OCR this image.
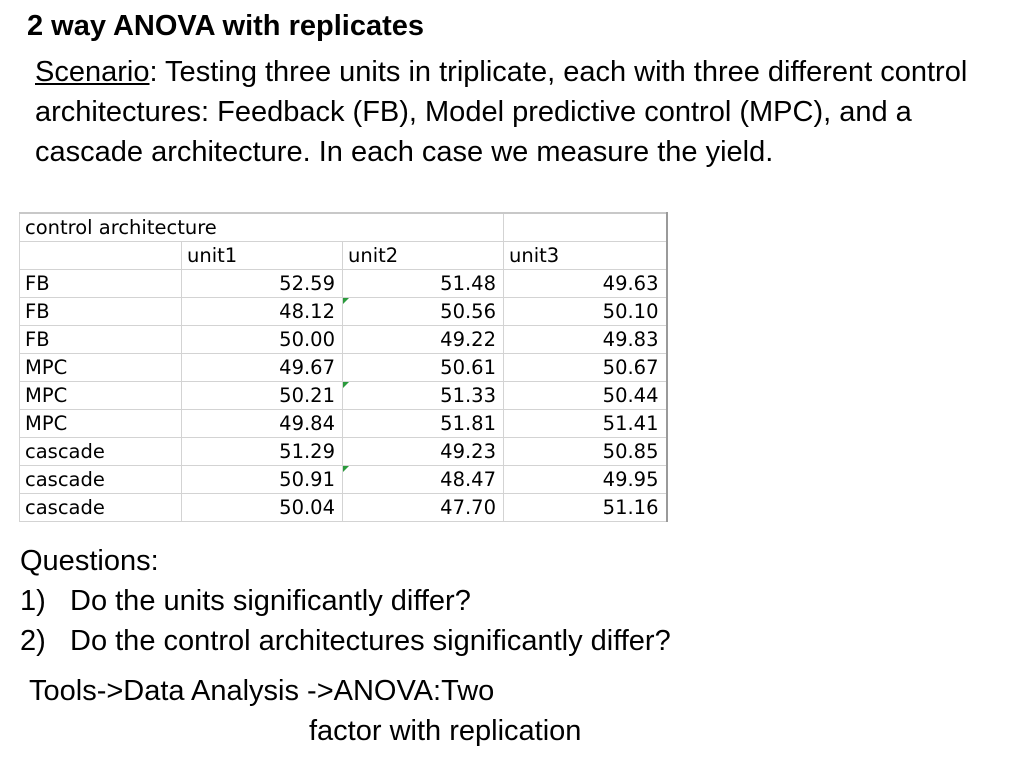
2 way ANOVA with replicates

Scenario: Testing three units in triplicate, each with three different control architectures: Feedback (FB), Model predictive control (MPC), and a cascade architecture. In each case we measure the yield.

control architecture			
	unit1	unit2	unit3
FB	52.59	51.48	49.63
FB	48.12	50.56	50.10
FB	50.00	49.22	49.83
MPC	49.67	50.61	50.67
MPC	50.21	51.33	50.44
MPC	49.84	51.81	51.41
cascade	51.29	49.23	50.85
cascade	50.91	48.47	49.95
cascade	50.04	47.70	51.16
Questions:
1) Do the units significantly differ?
2) Do the control architectures significantly differ?
Tools->Data Analysis ->ANOVA:Two
factor with replication
